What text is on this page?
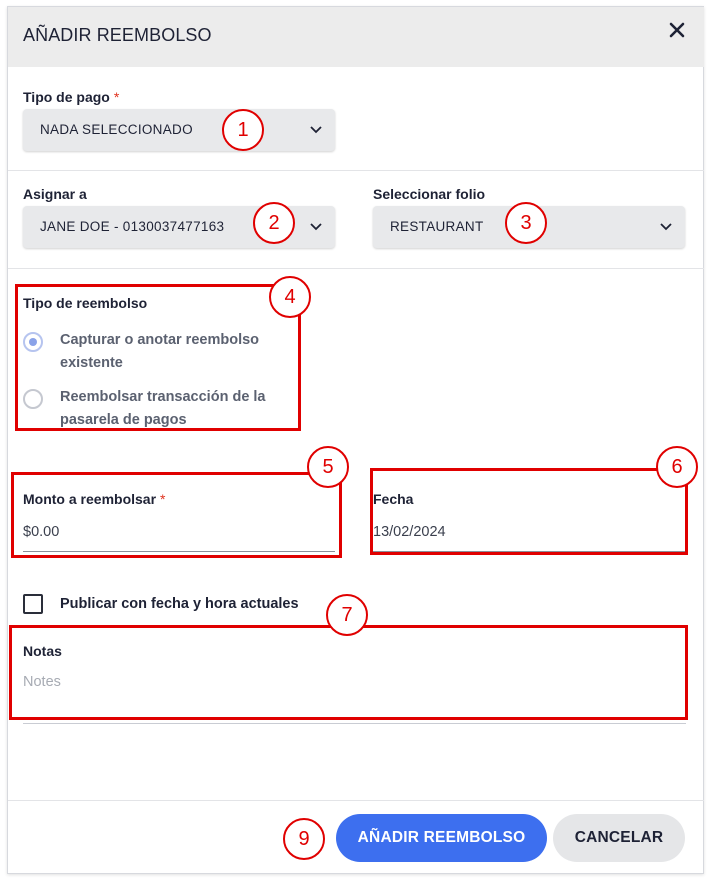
AÑADIR REEMBOLSO
Tipo de pago *
NADA SELECCIONADO
Asignar a
JANE DOE - 0130037477163
Seleccionar folio
RESTAURANT
Tipo de reembolso
Capturar o anotar reembolso existente
Reembolsar transacción de la pasarela de pagos
Monto a reembolsar *
$0.00
Fecha
13/02/2024
Publicar con fecha y hora actuales
Notas
Notes
AÑADIR REEMBOLSO	CANCELAR
1
2	3
4
5	6
7
9
